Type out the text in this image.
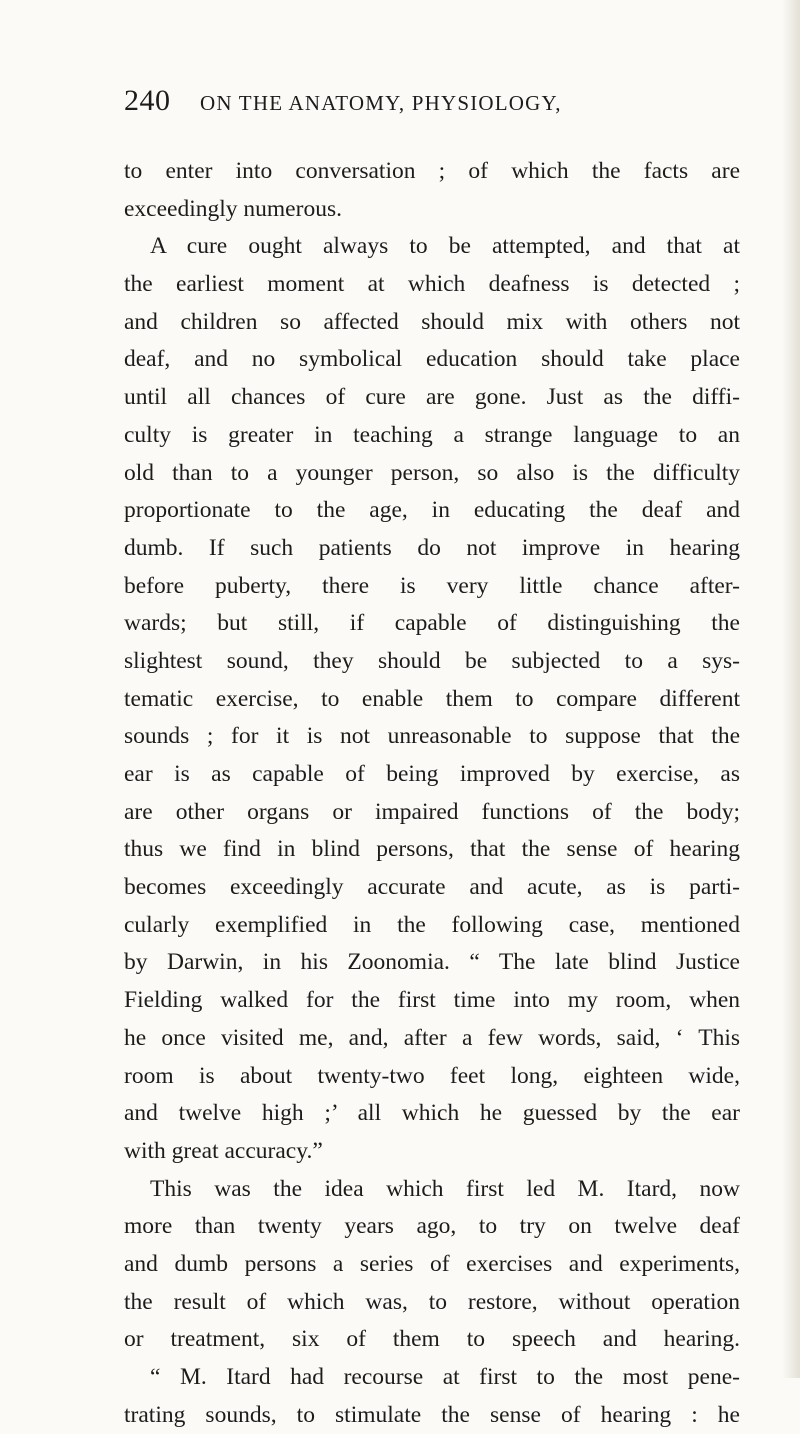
240 ON THE ANATOMY, PHYSIOLOGY,
to enter into conversation ; of which the facts are
exceedingly numerous.
A cure ought always to be attempted, and that at
the earliest moment at which deafness is detected ;
and children so affected should mix with others not
deaf, and no symbolical education should take place
until all chances of cure are gone. Just as the diffi-
culty is greater in teaching a strange language to an
old than to a younger person, so also is the difficulty
proportionate to the age, in educating the deaf and
dumb. If such patients do not improve in hearing
before puberty, there is very little chance after-
wards; but still, if capable of distinguishing the
slightest sound, they should be subjected to a sys-
tematic exercise, to enable them to compare different
sounds ; for it is not unreasonable to suppose that the
ear is as capable of being improved by exercise, as
are other organs or impaired functions of the body;
thus we find in blind persons, that the sense of hearing
becomes exceedingly accurate and acute, as is parti-
cularly exemplified in the following case, mentioned
by Darwin, in his Zoonomia. “ The late blind Justice
Fielding walked for the first time into my room, when
he once visited me, and, after a few words, said, ‘ This
room is about twenty-two feet long, eighteen wide,
and twelve high ;’ all which he guessed by the ear
with great accuracy.”
This was the idea which first led M. Itard, now
more than twenty years ago, to try on twelve deaf
and dumb persons a series of exercises and experiments,
the result of which was, to restore, without operation
or treatment, six of them to speech and hearing.
“ M. Itard had recourse at first to the most pene-
trating sounds, to stimulate the sense of hearing : he
